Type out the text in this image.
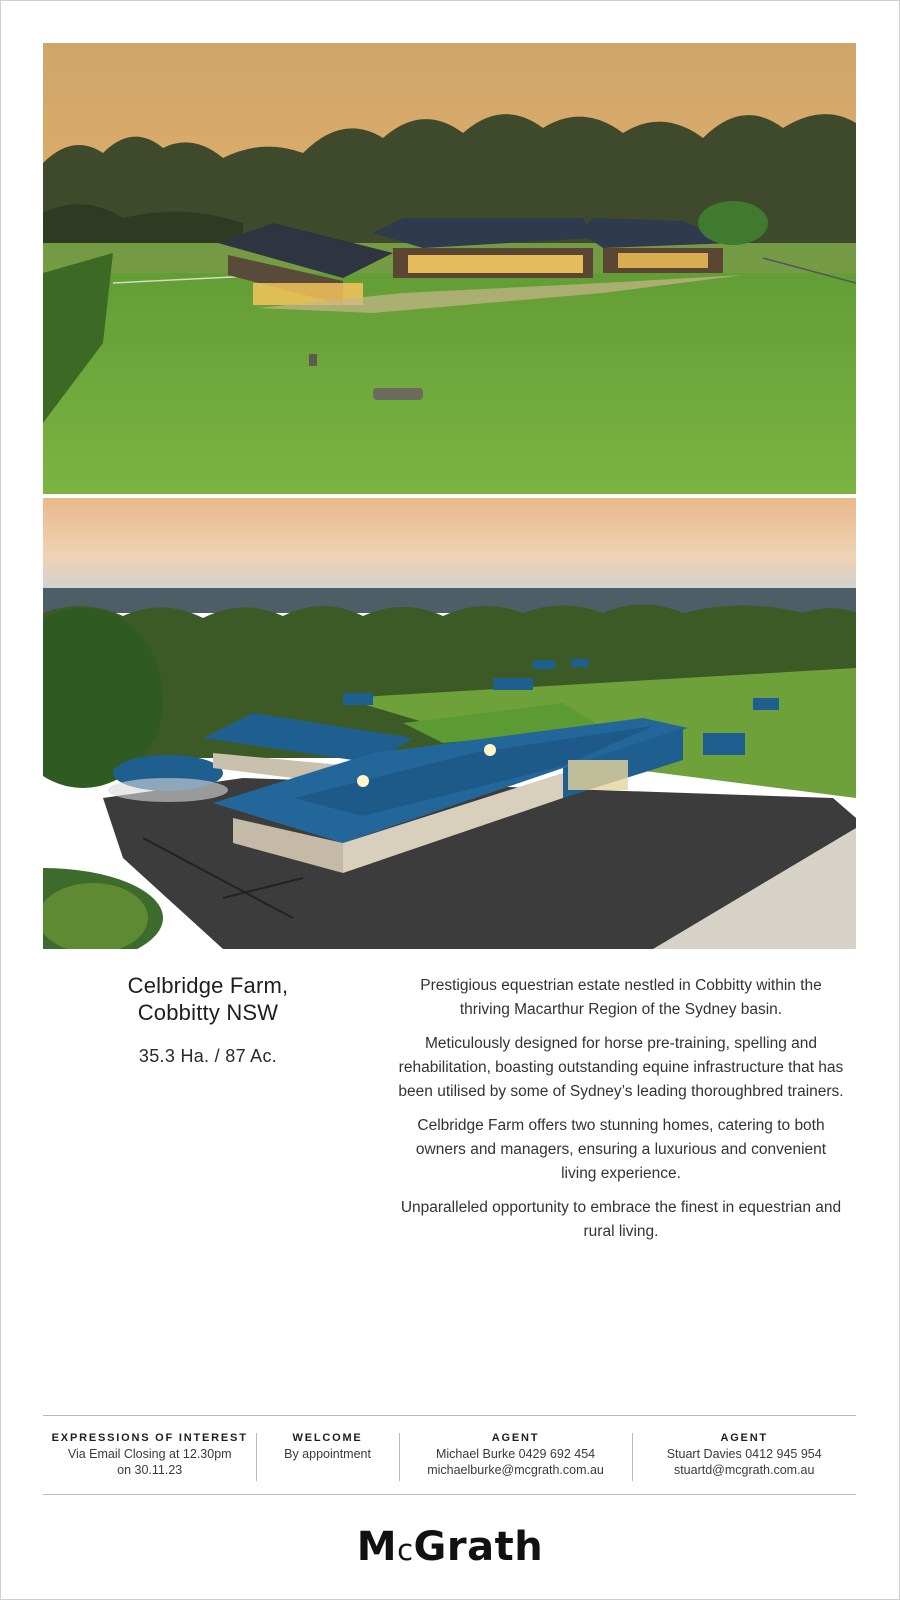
Celbridge Farm,
Cobbitty NSW
35.3 Ha. / 87 Ac.

Prestigious equestrian estate nestled in Cobbitty within the thriving Macarthur Region of the Sydney basin.

Meticulously designed for horse pre-training, spelling and rehabilitation, boasting outstanding equine infrastructure that has been utilised by some of Sydney’s leading thoroughbred trainers.

Celbridge Farm offers two stunning homes, catering to both owners and managers, ensuring a luxurious and convenient living experience.

Unparalleled opportunity to embrace the finest in equestrian and rural living.

EXPRESSIONS OF INTEREST
Via Email Closing at 12.30pm
on 30.11.23
WELCOME
By appointment
AGENT
Michael Burke 0429 692 454
michaelburke@mcgrath.com.au
AGENT
Stuart Davies 0412 945 954
stuartd@mcgrath.com.au
McGrath
